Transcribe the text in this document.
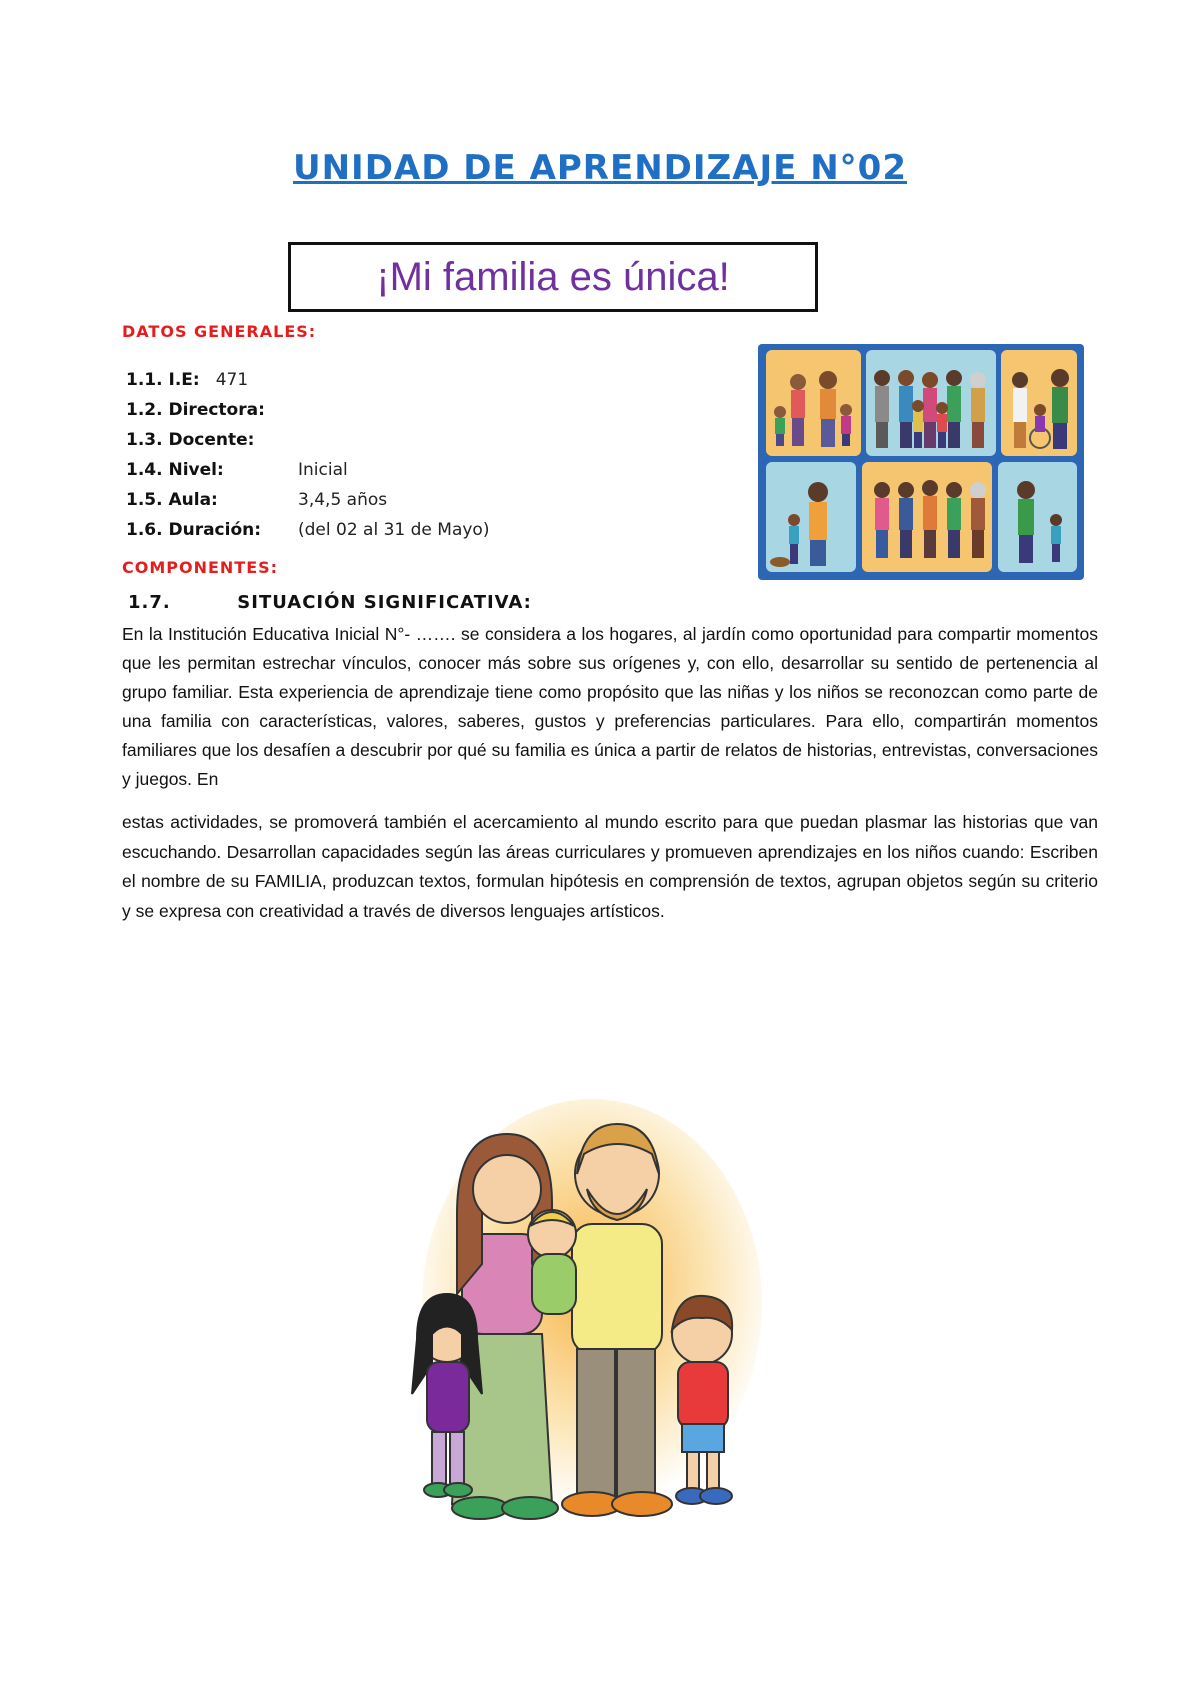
UNIDAD DE APRENDIZAJE N°02
¡Mi familia es única!
DATOS GENERALES:
1.1. I.E: 471
1.2. Directora:
1.3. Docente:
1.4. Nivel:	Inicial
1.5. Aula:	3,4,5 años
1.6. Duración:	(del 02 al 31 de Mayo)
COMPONENTES:
1.7.	SITUACIÓN SIGNIFICATIVA:
En la Institución Educativa Inicial N°- ……. se considera a los hogares, al jardín como oportunidad para compartir momentos que les permitan estrechar vínculos, conocer más sobre sus orígenes y, con ello, desarrollar su sentido de pertenencia al grupo familiar. Esta experiencia de aprendizaje tiene como propósito que las niñas y los niños se reconozcan como parte de una familia con características, valores, saberes, gustos y preferencias particulares. Para ello, compartirán momentos familiares que los desafíen a descubrir por qué su familia es única a partir de relatos de historias, entrevistas, conversaciones y juegos. En
estas actividades, se promoverá también el acercamiento al mundo escrito para que puedan plasmar las historias que van escuchando. Desarrollan capacidades según las áreas curriculares y promueven aprendizajes en los niños cuando: Escriben el nombre de su FAMILIA, produzcan textos, formulan hipótesis en comprensión de textos, agrupan objetos según su criterio y se expresa con creatividad a través de diversos lenguajes artísticos.
